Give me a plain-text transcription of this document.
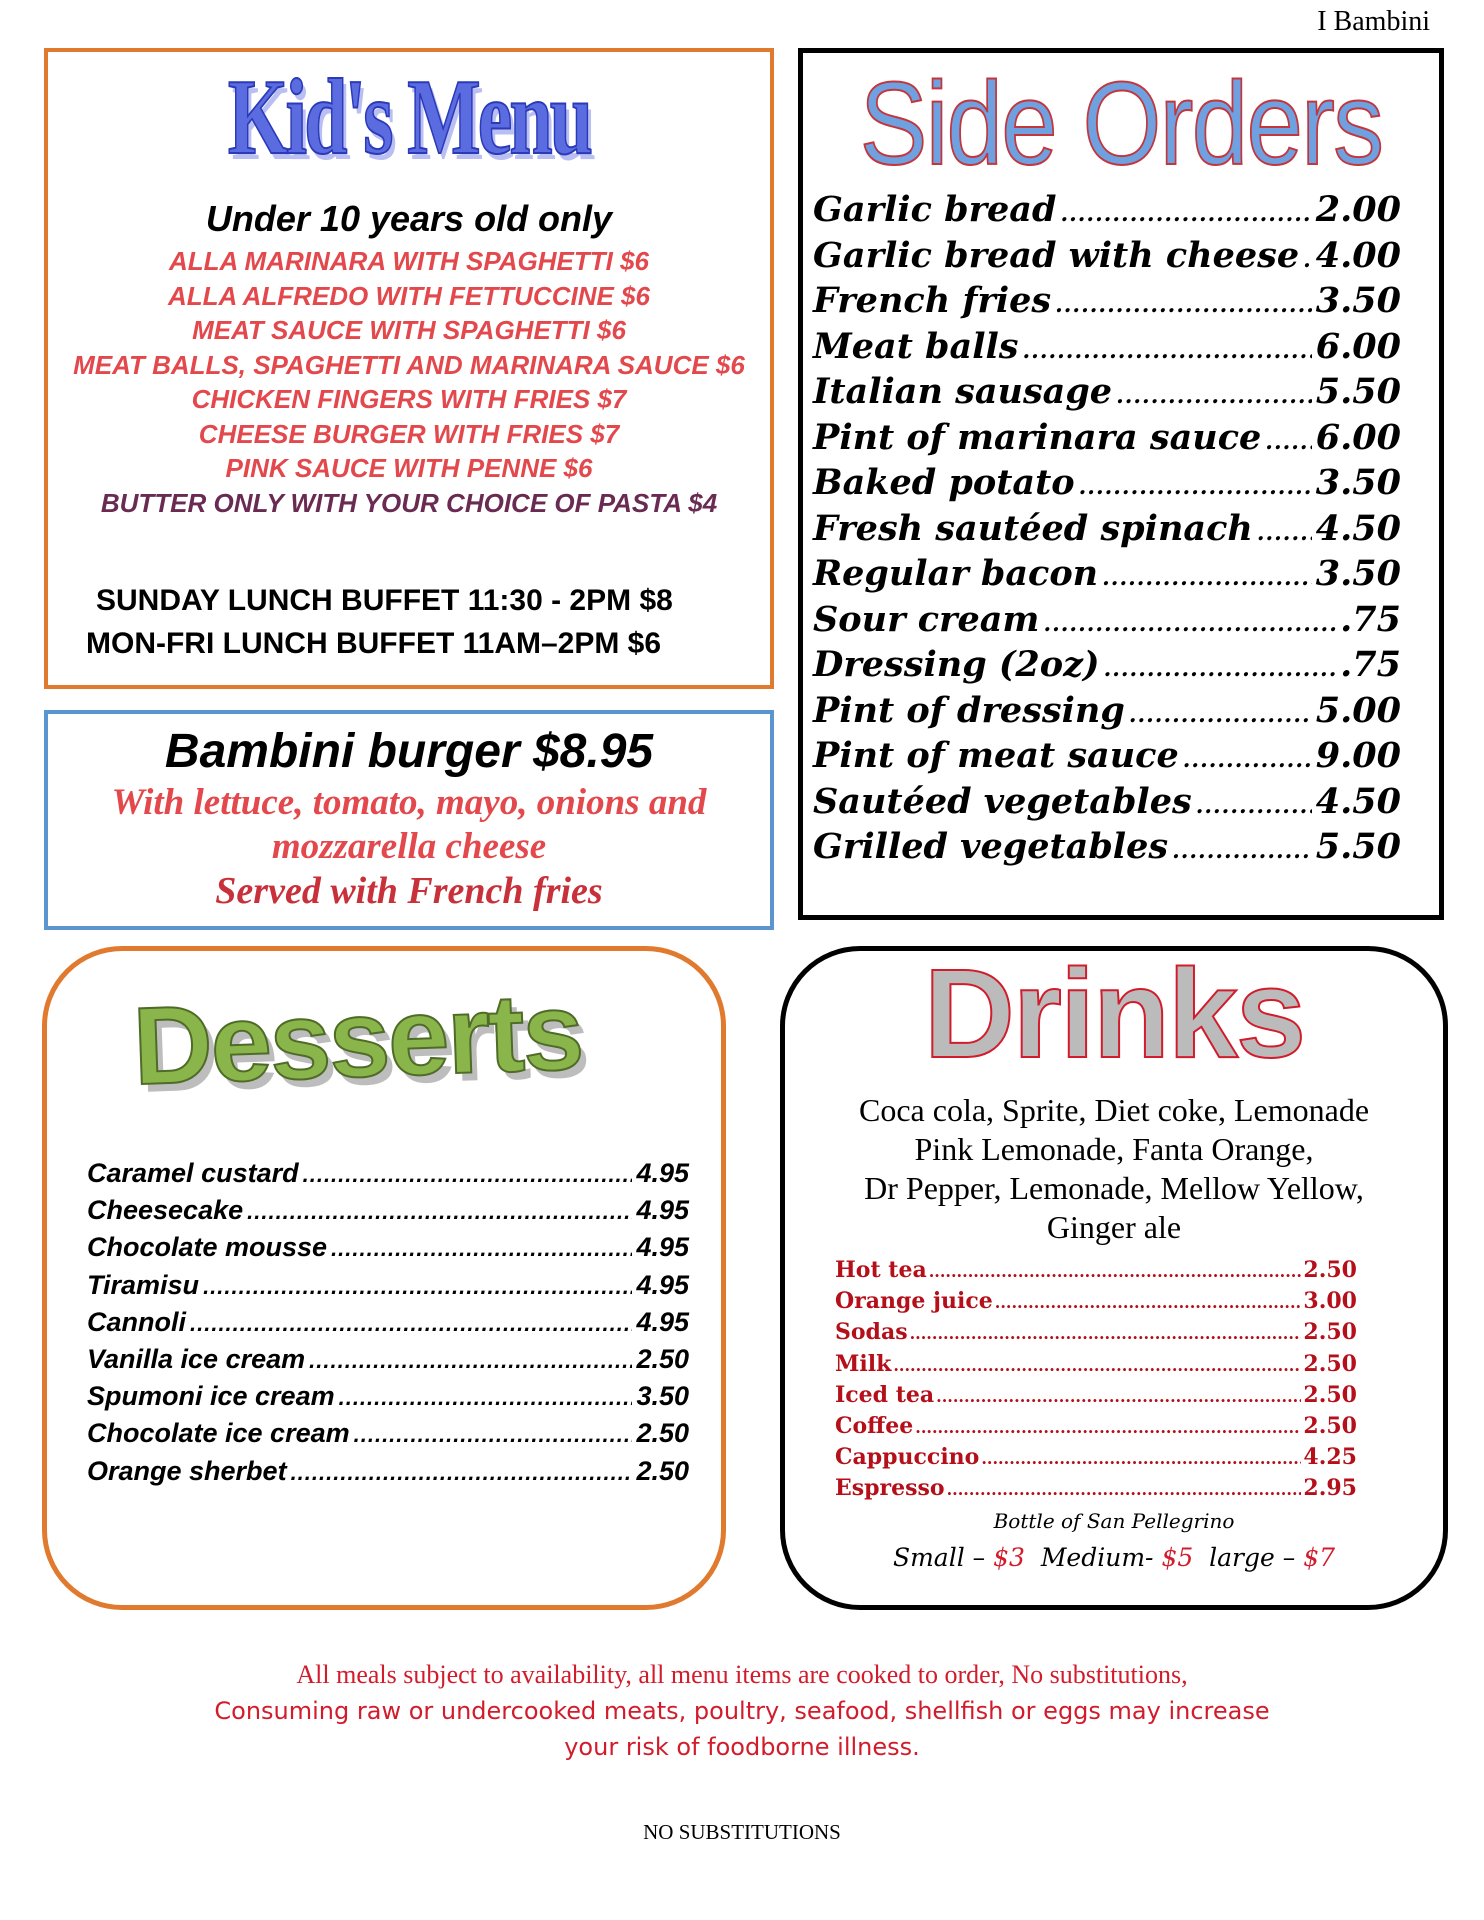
I Bambini
Kid's Menu
Under 10 years old only
ALLA MARINARA WITH SPAGHETTI $6
ALLA ALFREDO WITH FETTUCCINE $6
MEAT SAUCE WITH SPAGHETTI $6
MEAT BALLS, SPAGHETTI AND MARINARA SAUCE $6
CHICKEN FINGERS WITH FRIES $7
CHEESE BURGER WITH FRIES $7
PINK SAUCE WITH PENNE $6
BUTTER ONLY WITH YOUR CHOICE OF PASTA $4
SUNDAY LUNCH BUFFET 11:30 - 2PM $8
MON-FRI LUNCH BUFFET 11AM–2PM $6
Bambini burger $8.95
With lettuce, tomato, mayo, onions and
mozzarella cheese
Served with French fries
Side Orders
Garlic bread .....	2.00
Garlic bread with cheese ..... 4.00
French fries .....	3.50
Meat balls .....	6.00
Italian sausage .....	5.50
Pint of marinara sauce ..... 6.00
Baked potato .....	3.50
Fresh sautéed spinach ..... 4.50
Regular bacon .....	3.50
Sour cream .....	.75
Dressing (2oz) .....	.75
Pint of dressing .....	5.00
Pint of meat sauce .....	9.00
Sautéed vegetables .....	4.50
Grilled vegetables .....	5.50
Desserts
Caramel custard .....	4.95
Cheesecake .....	4.95
Chocolate mousse .....	4.95
Tiramisu .....	4.95
Cannoli .....	4.95
Vanilla ice cream .....	2.50
Spumoni ice cream .....	3.50
Chocolate ice cream .....	2.50
Orange sherbet .....	2.50
Drinks
Coca cola, Sprite, Diet coke, Lemonade
Pink Lemonade, Fanta Orange,
Dr Pepper, Lemonade, Mellow Yellow,
Ginger ale
Hot tea .....	2.50
Orange juice .....	3.00
Sodas .....	2.50
Milk .....	2.50
Iced tea .....	2.50
Coffee .....	2.50
Cappuccino .....	4.25
Espresso .....	2.95
Bottle of San Pellegrino
Small – $3 Medium- $5 large – $7
All meals subject to availability, all menu items are cooked to order, No substitutions,
Consuming raw or undercooked meats, poultry, seafood, shellfish or eggs may increase
your risk of foodborne illness.
NO SUBSTITUTIONS
